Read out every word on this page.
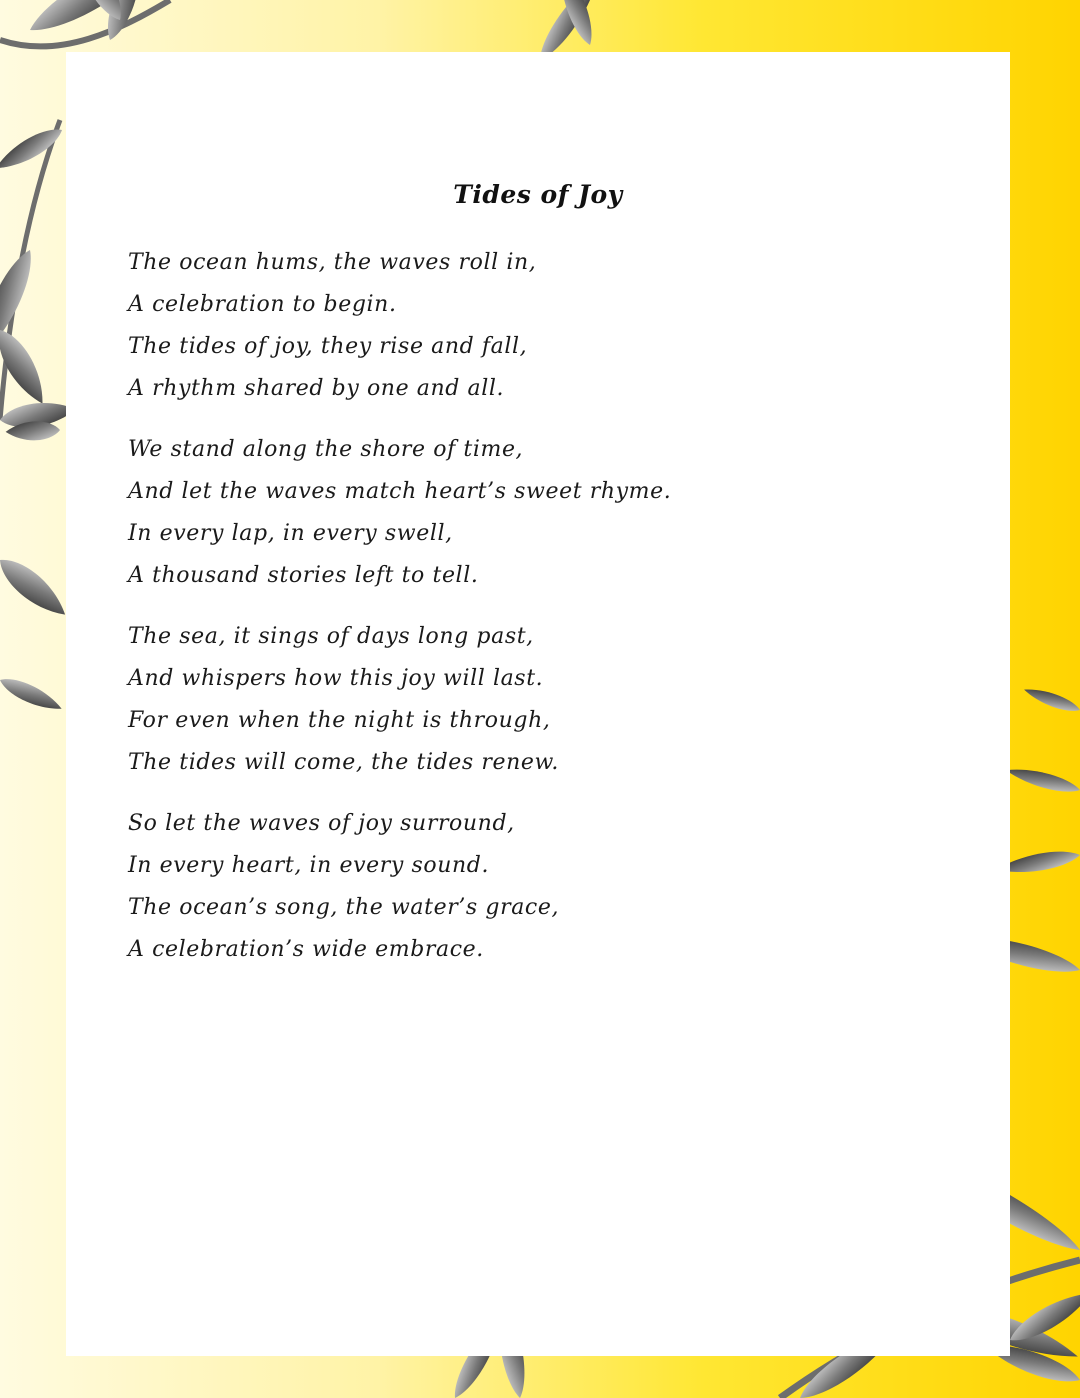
Tides of Joy
The ocean hums, the waves roll in,
A celebration to begin.
The tides of joy, they rise and fall,
A rhythm shared by one and all.
We stand along the shore of time,
And let the waves match heart’s sweet rhyme.
In every lap, in every swell,
A thousand stories left to tell.
The sea, it sings of days long past,
And whispers how this joy will last.
For even when the night is through,
The tides will come, the tides renew.
So let the waves of joy surround,
In every heart, in every sound.
The ocean’s song, the water’s grace,
A celebration’s wide embrace.
